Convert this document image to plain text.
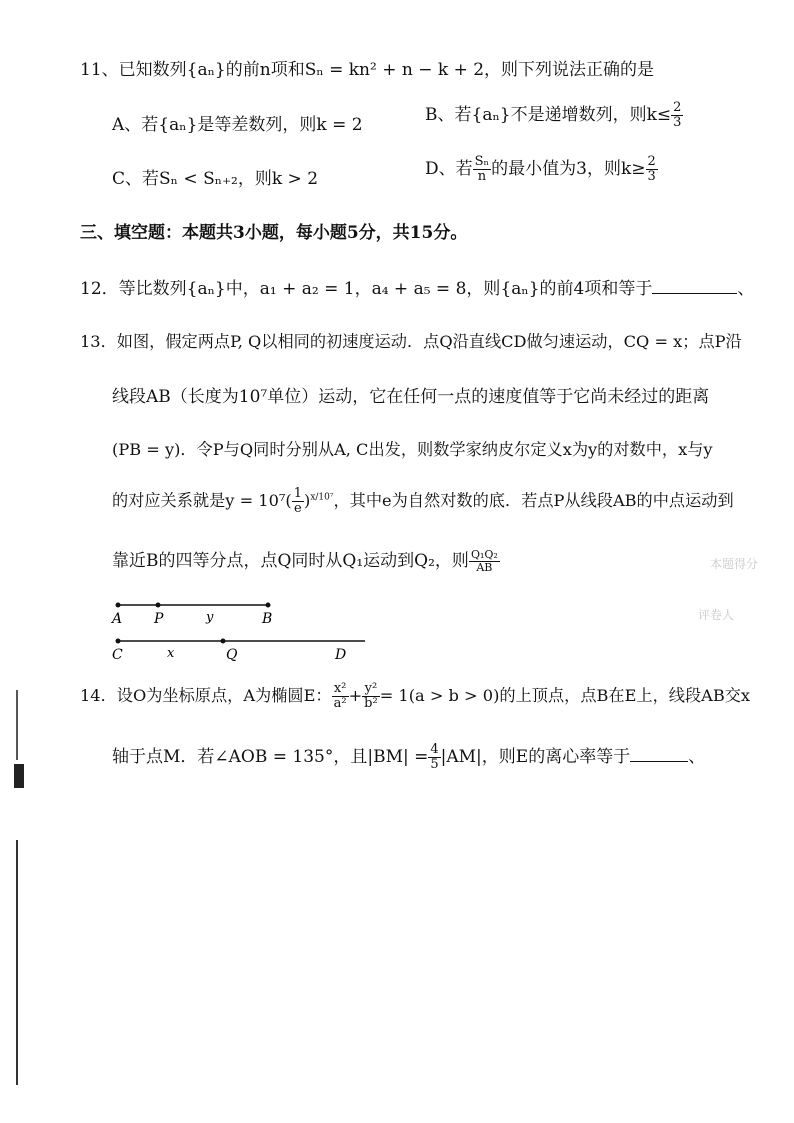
11、已知数列{aₙ}的前n项和Sₙ = kn² + n − k + 2，则下列说法正确的是
A、若{aₙ}是等差数列，则k = 2	B、若{aₙ}不是递增数列，则$k\le \frac{2}{3}$
C、若Sₙ < Sₙ₊₂，则k > 2	D、若 $\frac{\text{Sₙ}}{n}$ 的最小值为3，则$k\ge \frac{2}{3}$
三、填空题：本题共3小题，每小题5分，共15分。
12．等比数列{aₙ}中，a₁ + a₂ = 1，a₄ + a₅ = 8，则{aₙ}的前4项和等于	、
13．如图，假定两点P, Q以相同的初速度运动．点Q沿直线CD做匀速运动，CQ = x；点P沿
线段AB（长度为10⁷单位）运动，它在任何一点的速度值等于它尚未经过的距离
(PB = y)．令P与Q同时分别从A, C出发，则数学家纳皮尔定义x为y的对数中，x与y
的对应关系就是$y = 10^7( \frac{1}{e} )^{x/10^7}$，其中e为自然对数的底．若点P从线段AB的中点运动到
靠近B的四等分点，点Q同时从Q₁运动到Q₂，则 $\frac{\text{Q₁Q₂}}{AB}$
A P	y	B
C	x	Q	D
14．设O为坐标原点，A为椭圆E： $\frac{\text{x²}}{\text{a²}} + \frac{\text{y²}}{\text{b²}} = 1(a > b > 0)$的上顶点，点B在E上，线段AB交x
轴于点M．若∠AOB = 135°，且$|BM| = \frac{4}{5} |AM|$，则E的离心率等于	、
本题得分
评卷人
